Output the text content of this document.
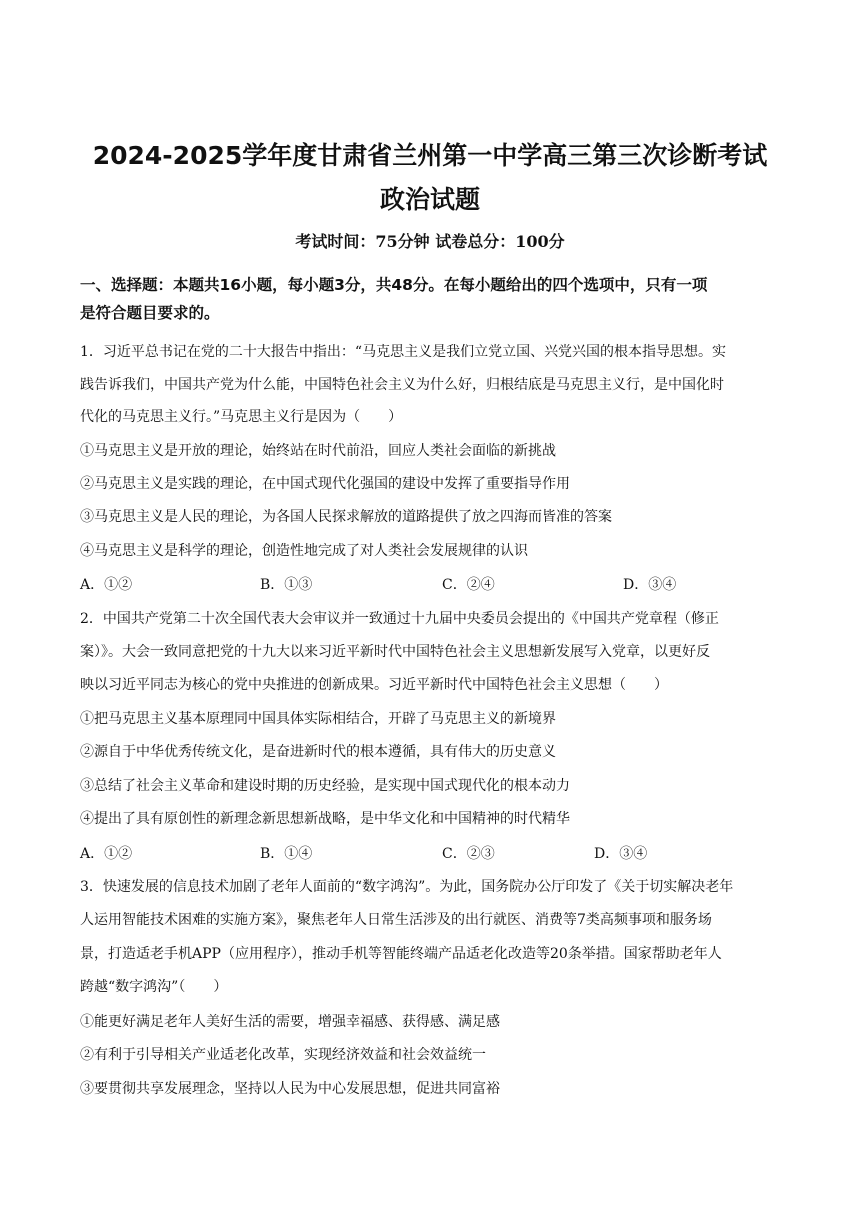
2024-2025学年度甘肃省兰州第一中学高三第三次诊断考试
政治试题
考试时间：75分钟 试卷总分：100分
一、选择题：本题共16小题，每小题3分，共48分。在每小题给出的四个选项中，只有一项
是符合题目要求的。
1．习近平总书记在党的二十大报告中指出：“马克思主义是我们立党立国、兴党兴国的根本指导思想。实
践告诉我们，中国共产党为什么能，中国特色社会主义为什么好，归根结底是马克思主义行，是中国化时
代化的马克思主义行。”马克思主义行是因为（　　）
①马克思主义是开放的理论，始终站在时代前沿，回应人类社会面临的新挑战
②马克思主义是实践的理论，在中国式现代化强国的建设中发挥了重要指导作用
③马克思主义是人民的理论，为各国人民探求解放的道路提供了放之四海而皆准的答案
④马克思主义是科学的理论，创造性地完成了对人类社会发展规律的认识
A．①②	B．①③	C．②④	D．③④
2．中国共产党第二十次全国代表大会审议并一致通过十九届中央委员会提出的《中国共产党章程（修正
案）》。大会一致同意把党的十九大以来习近平新时代中国特色社会主义思想新发展写入党章，以更好反
映以习近平同志为核心的党中央推进的创新成果。习近平新时代中国特色社会主义思想（　　）
①把马克思主义基本原理同中国具体实际相结合，开辟了马克思主义的新境界
②源自于中华优秀传统文化，是奋进新时代的根本遵循，具有伟大的历史意义
③总结了社会主义革命和建设时期的历史经验，是实现中国式现代化的根本动力
④提出了具有原创性的新理念新思想新战略，是中华文化和中国精神的时代精华
A．①②	B．①④	C．②③	D．③④
3．快速发展的信息技术加剧了老年人面前的“数字鸿沟”。为此，国务院办公厅印发了《关于切实解决老年
人运用智能技术困难的实施方案》，聚焦老年人日常生活涉及的出行就医、消费等7类高频事项和服务场
景，打造适老手机APP（应用程序），推动手机等智能终端产品适老化改造等20条举措。国家帮助老年人
跨越“数字鸿沟”（　　）
①能更好满足老年人美好生活的需要，增强幸福感、获得感、满足感
②有利于引导相关产业适老化改革，实现经济效益和社会效益统一
③要贯彻共享发展理念，坚持以人民为中心发展思想，促进共同富裕
